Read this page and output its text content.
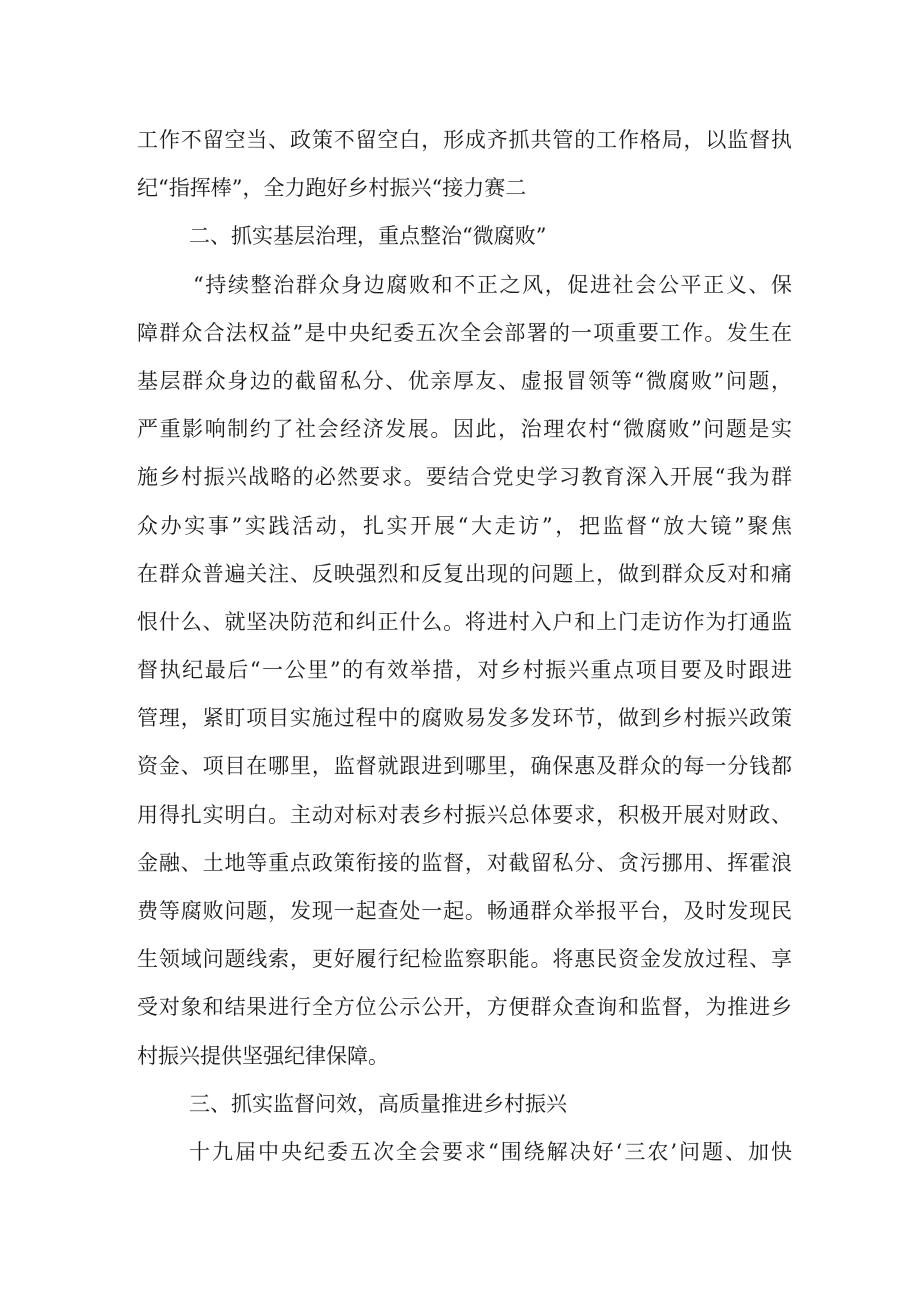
工作不留空当、政策不留空白，形成齐抓共管的工作格局，以监督执
纪“指挥棒”，全力跑好乡村振兴“接力赛二
二、抓实基层治理，重点整治“微腐败”
“持续整治群众身边腐败和不正之风，促进社会公平正义、保
障群众合法权益”是中央纪委五次全会部署的一项重要工作。发生在
基层群众身边的截留私分、优亲厚友、虚报冒领等“微腐败”问题，
严重影响制约了社会经济发展。因此，治理农村“微腐败”问题是实
施乡村振兴战略的必然要求。要结合党史学习教育深入开展“我为群
众办实事”实践活动，扎实开展“大走访”，把监督“放大镜”聚焦
在群众普遍关注、反映强烈和反复出现的问题上，做到群众反对和痛
恨什么、就坚决防范和纠正什么。将进村入户和上门走访作为打通监
督执纪最后“一公里”的有效举措，对乡村振兴重点项目要及时跟进
管理，紧盯项目实施过程中的腐败易发多发环节，做到乡村振兴政策
资金、项目在哪里，监督就跟进到哪里，确保惠及群众的每一分钱都
用得扎实明白。主动对标对表乡村振兴总体要求，积极开展对财政、
金融、土地等重点政策衔接的监督，对截留私分、贪污挪用、挥霍浪
费等腐败问题，发现一起查处一起。畅通群众举报平台，及时发现民
生领域问题线索，更好履行纪检监察职能。将惠民资金发放过程、享
受对象和结果进行全方位公示公开，方便群众查询和监督，为推进乡
村振兴提供坚强纪律保障。
三、抓实监督问效，高质量推进乡村振兴
十九届中央纪委五次全会要求“围绕解决好‘三农’问题、加快
